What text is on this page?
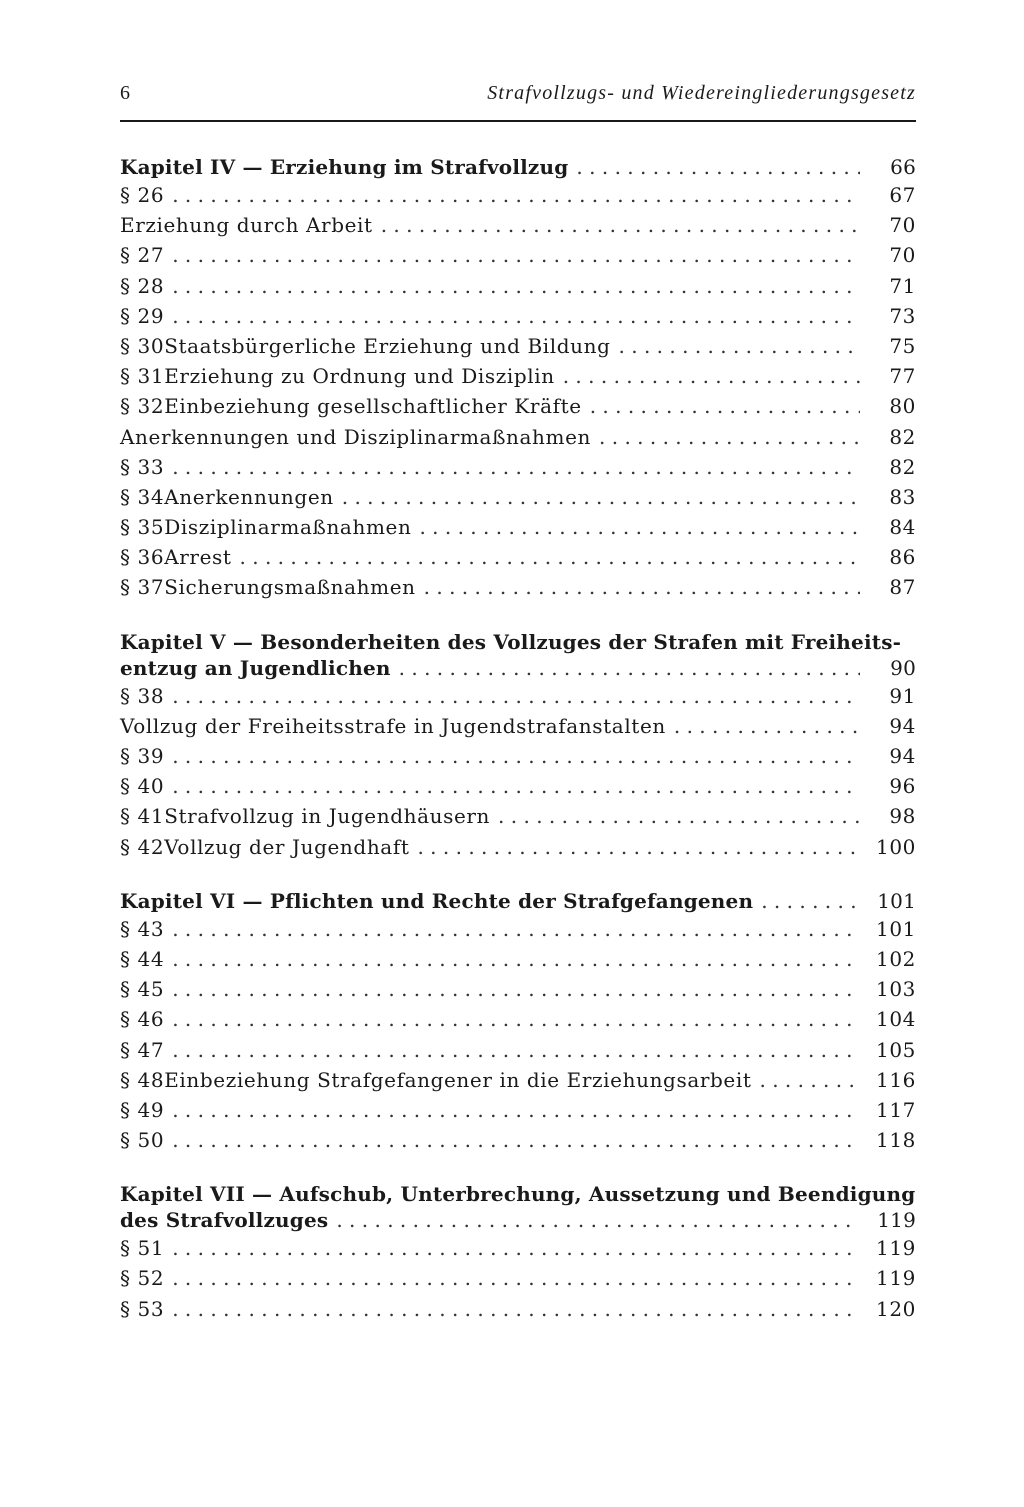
6	Strafvollzugs- und Wiedereingliederungsgesetz
Kapitel IV — Erziehung im Strafvollzug . . .	66
§ 26 . . .	67
Erziehung durch Arbeit . . .	70
§ 27 . . .	70
§ 28 . . .	71
§ 29 . . .	73
§ 30 Staatsbürgerliche Erziehung und Bildung . . .	75
§ 31 Erziehung zu Ordnung und Disziplin . . .	77
§ 32 Einbeziehung gesellschaftlicher Kräfte . . .	80
Anerkennungen und Disziplinarmaßnahmen . . .	82
§ 33 . . .	82
§ 34 Anerkennungen . . .	83
§ 35 Disziplinarmaßnahmen . . .	84
§ 36 Arrest . . .	86
§ 37 Sicherungsmaßnahmen . . .	87
Kapitel V — Besonderheiten des Vollzuges der Strafen mit Freiheits-
entzug an Jugendlichen . . .	90
§ 38 . . .	91
Vollzug der Freiheitsstrafe in Jugendstrafanstalten . . .	94
§ 39 . . .	94
§ 40 . . .	96
§ 41 Strafvollzug in Jugendhäusern . . .	98
§ 42 Vollzug der Jugendhaft . . .	100
Kapitel VI — Pflichten und Rechte der Strafgefangenen . . .	101
§ 43 . . .	101
§ 44 . . .	102
§ 45 . . .	103
§ 46 . . .	104
§ 47 . . .	105
§ 48 Einbeziehung Strafgefangener in die Erziehungsarbeit . . .	116
§ 49 . . .	117
§ 50 . . .	118
Kapitel VII — Aufschub, Unterbrechung, Aussetzung und Beendigung
des Strafvollzuges . . .	119
§ 51 . . .	119
§ 52 . . .	119
§ 53 . . .	120
